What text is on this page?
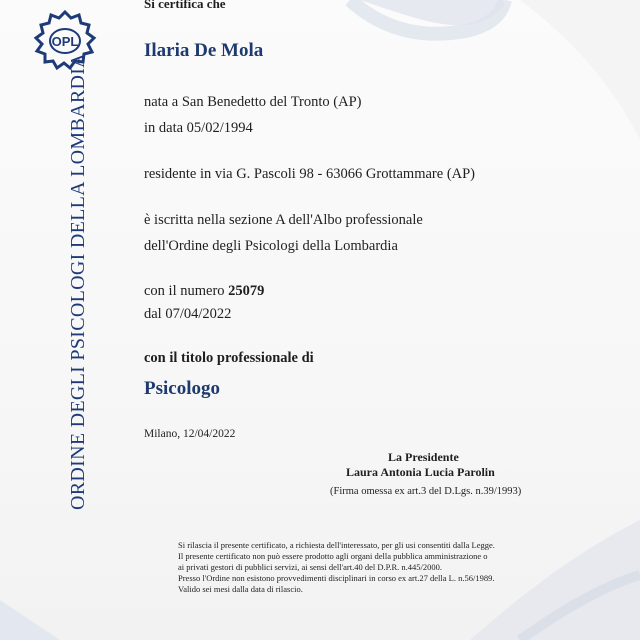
OPL
ORDINE DEGLI PSICOLOGI DELLA LOMBARDIA
Si certifica che
Ilaria De Mola
nata a San Benedetto del Tronto (AP)
in data 05/02/1994
residente in via G. Pascoli 98 - 63066 Grottammare (AP)
è iscritta nella sezione A dell'Albo professionale
dell'Ordine degli Psicologi della Lombardia
con il numero 25079
dal 07/04/2022
con il titolo professionale di
Psicologo
Milano, 12/04/2022
La Presidente
Laura Antonia Lucia Parolin
(Firma omessa ex art.3 del D.Lgs. n.39/1993)
Si rilascia il presente certificato, a richiesta dell'interessato, per gli usi consentiti dalla Legge.
Il presente certificato non può essere prodotto agli organi della pubblica amministrazione o
ai privati gestori di pubblici servizi, ai sensi dell'art.40 del D.P.R. n.445/2000.
Presso l'Ordine non esistono provvedimenti disciplinari in corso ex art.27 della L. n.56/1989.
Valido sei mesi dalla data di rilascio.
